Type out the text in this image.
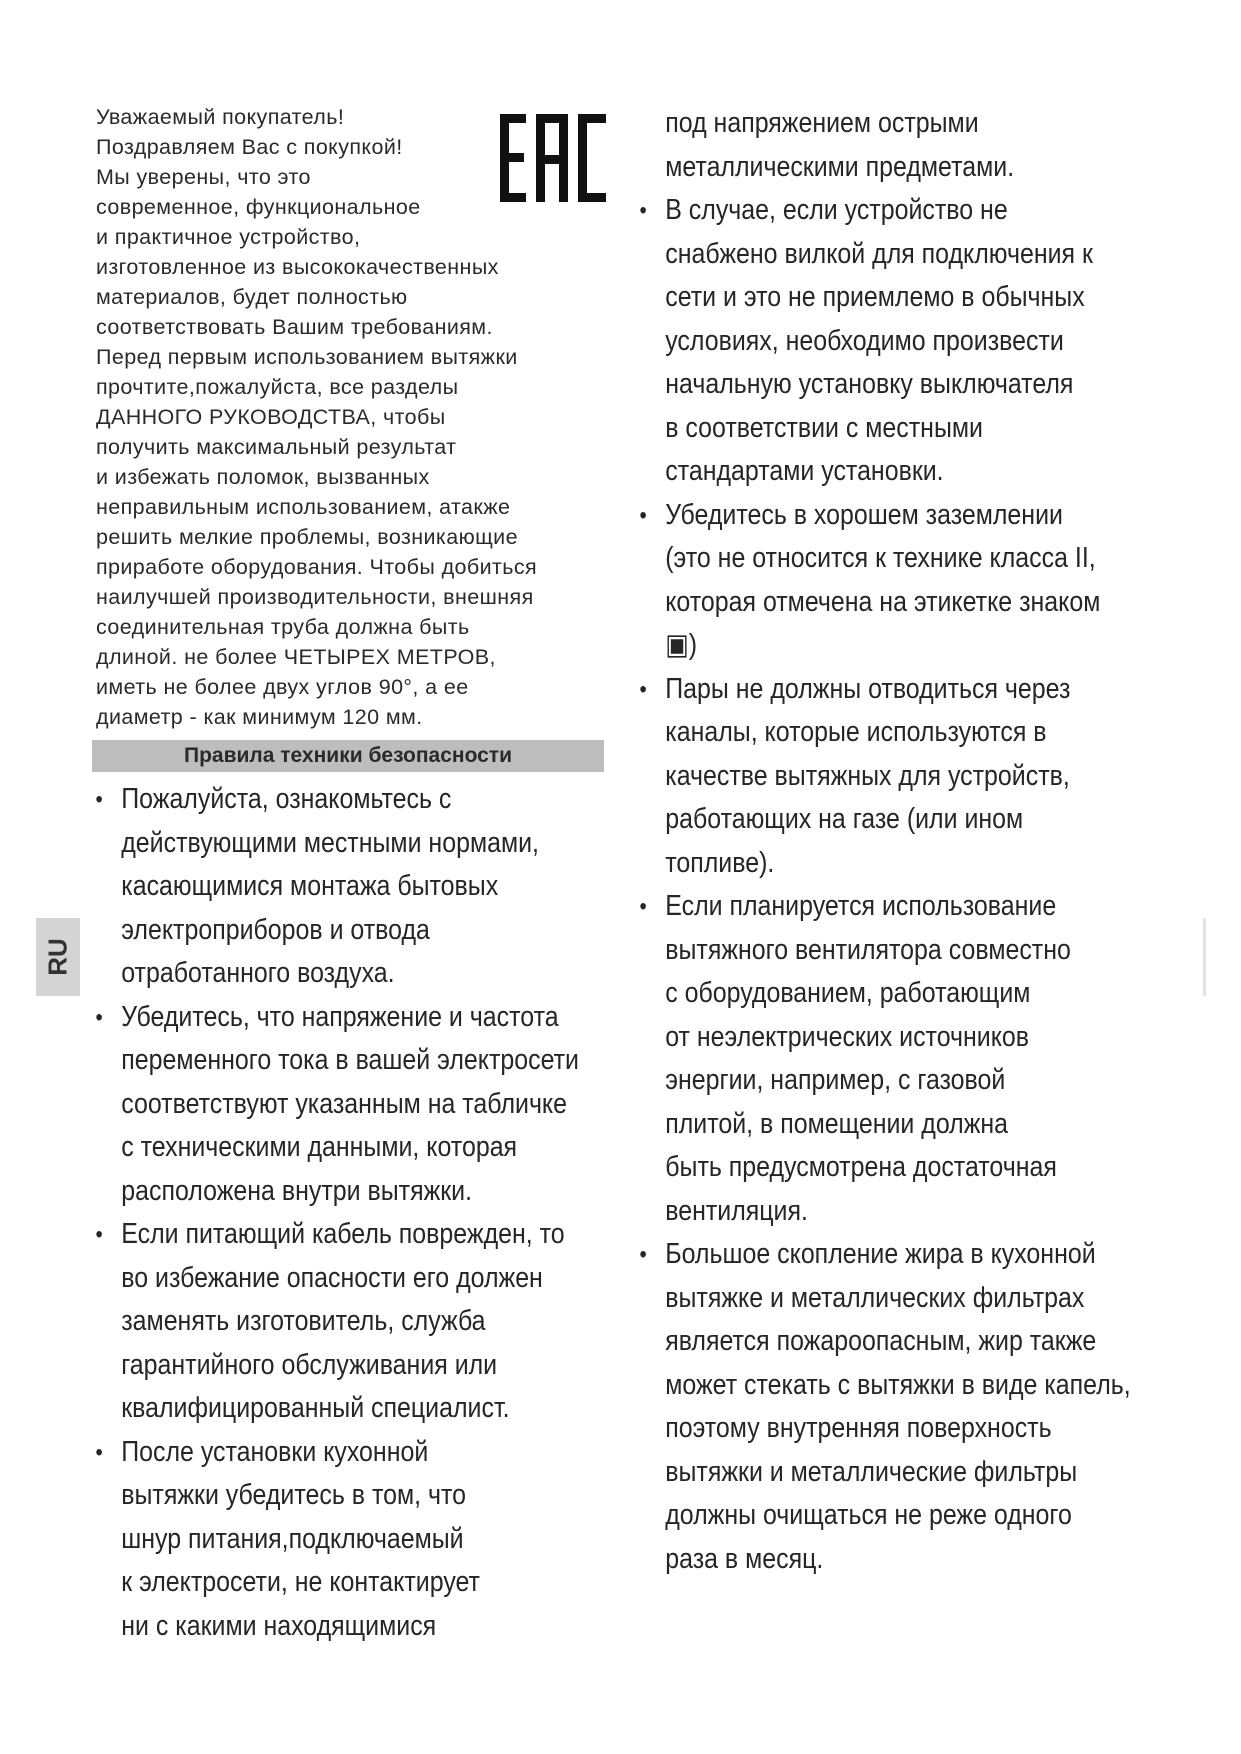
Уважаемый покупатель!
Поздравляем Вас с покупкой!
Мы уверены, что это
современное, функциональное
и практичное устройство,
изготовленное из высококачественных
материалов, будет полностью
соответствовать Вашим требованиям.
Перед первым использованием вытяжки
прочтите,пожалуйста, все разделы
ДАННОГО РУКОВОДСТВА, чтобы
получить максимальный результат
и избежать поломок, вызванных
неправильным использованием, атакже
решить мелкие проблемы, возникающие
приработе оборудования. Чтобы добиться
наилучшей производительности, внешняя
соединительная труба должна быть
длиной. не более ЧЕТЫРЕХ МЕТРОВ,
иметь не более двух углов 90°, а ее
диаметр - как минимум 120 мм.
Правила техники безопасности
RU
• Пожалуйста, ознакомьтесь с
действующими местными нормами,
касающимися монтажа бытовых
электроприборов и отвода
отработанного воздуха.
• Убедитесь, что напряжение и частота
переменного тока в вашей электросети
соответствуют указанным на табличке
с техническими данными, которая
расположена внутри вытяжки.
• Если питающий кабель поврежден, то
во избежание опасности его должен
заменять изготовитель, служба
гарантийного обслуживания или
квалифицированный специалист.
• После установки кухонной
вытяжки убедитесь в том, что
шнур питания,подключаемый
к электросети, не контактирует
ни с какими находящимися
под напряжением острыми
металлическими предметами.
• В случае, если устройство не
снабжено вилкой для подключения к
сети и это не приемлемо в обычных
условиях, необходимо произвести
начальную установку выключателя
в соответствии с местными
стандартами установки.
• Убедитесь в хорошем заземлении
(это не относится к технике класса II,
которая отмечена на этикетке знаком
▣)
• Пары не должны отводиться через
каналы, которые используются в
качестве вытяжных для устройств,
работающих на газе (или ином
топливе).
• Если планируется использование
вытяжного вентилятора совместно
с оборудованием, работающим
от неэлектрических источников
энергии, например, с газовой
плитой, в помещении должна
быть предусмотрена достаточная
вентиляция.
• Большое скопление жира в кухонной
вытяжке и металлических фильтрах
является пожароопасным, жир также
может стекать с вытяжки в виде капель,
поэтому внутренняя поверхность
вытяжки и металлические фильтры
должны очищаться не реже одного
раза в месяц.
